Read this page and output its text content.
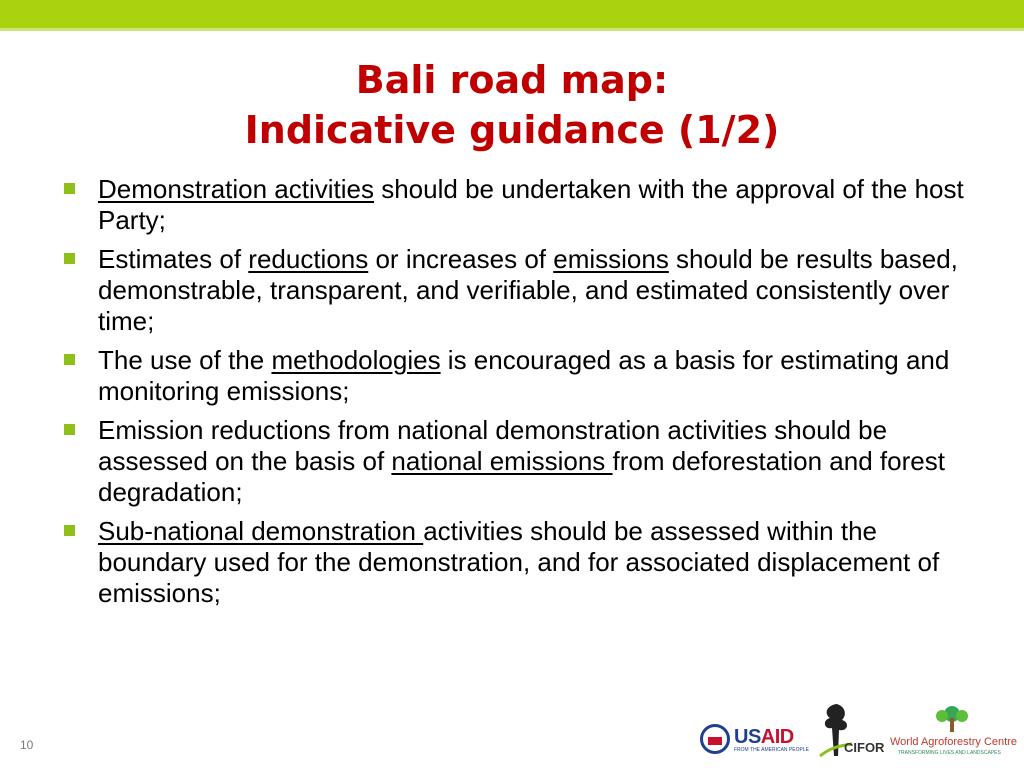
Bali road map:
Indicative guidance (1/2)
Demonstration activities should be undertaken with the approval of the host Party;
Estimates of reductions or increases of emissions should be results based, demonstrable, transparent, and verifiable, and estimated consistently over time;
The use of the methodologies is encouraged as a basis for estimating and monitoring emissions;
Emission reductions from national demonstration activities should be assessed on the basis of national emissions from deforestation and forest degradation;
Sub-national demonstration activities should be assessed within the boundary used for the demonstration, and for associated displacement of emissions;
10	USAID
FROM THE AMERICAN PEOPLE	CIFOR World Agroforestry Centre
TRANSFORMING LIVES AND LANDSCAPES
